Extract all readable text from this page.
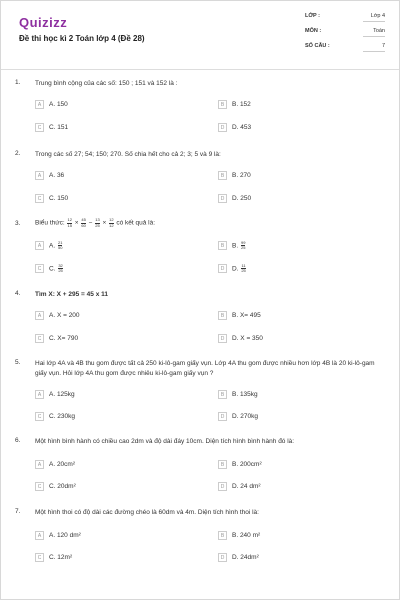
Quizizz
Đề thi học kì 2 Toán lớp 4 (Đề 28)
LỚP :	Lớp 4
MÔN :	Toán
SỐ CÂU :	7
1. Trung bình cộng của các số: 150 ; 151 và 152 là :
A	A. 150	B	B. 152
C	C. 151	D	D. 453
2. Trong các số 27; 54; 150; 270. Số chia hết cho cả 2; 3; 5 và 9 là:
A	A. 36	B	B. 270
C	C. 150	D	D. 250
3. Biểu thức: $\frac{12}{15} \times \frac{45}{60} - \frac{13}{25} \times \frac{12}{12}$ có kết quả là:
A	A. $\frac{21}{50}$	B	B. $\frac{99}{25}$
C	C. $\frac{32}{25}$	D	D. $\frac{11}{25}$
4. Tìm X: X + 295 = 45 x 11
A	A. X = 200	B	B. X= 495
C	C. X= 790	D	D. X = 350
5. Hai lớp 4A và 4B thu gom được tất cả 250 ki-lô-gam giấy vụn. Lớp 4A thu gom được nhiều hơn lớp 4B là 20 ki-lô-gam giấy vụn. Hỏi lớp 4A thu gom được nhiêu ki-lô-gam giấy vụn ?
A	A. 125kg	B	B. 135kg
C	C. 230kg	D	D. 270kg
6. Một hình bình hành có chiều cao 2dm và độ dài đáy 10cm. Diện tích hình bình hành đó là:
A	A. 20cm²	B	B. 200cm²
C	C. 20dm²	D	D. 24 dm²
7. Một hình thoi có độ dài các đường chéo là 60dm và 4m. Diện tích hình thoi là:
A	A. 120 dm²	B	B. 240 m²
C	C. 12m²	D	D. 24dm²
